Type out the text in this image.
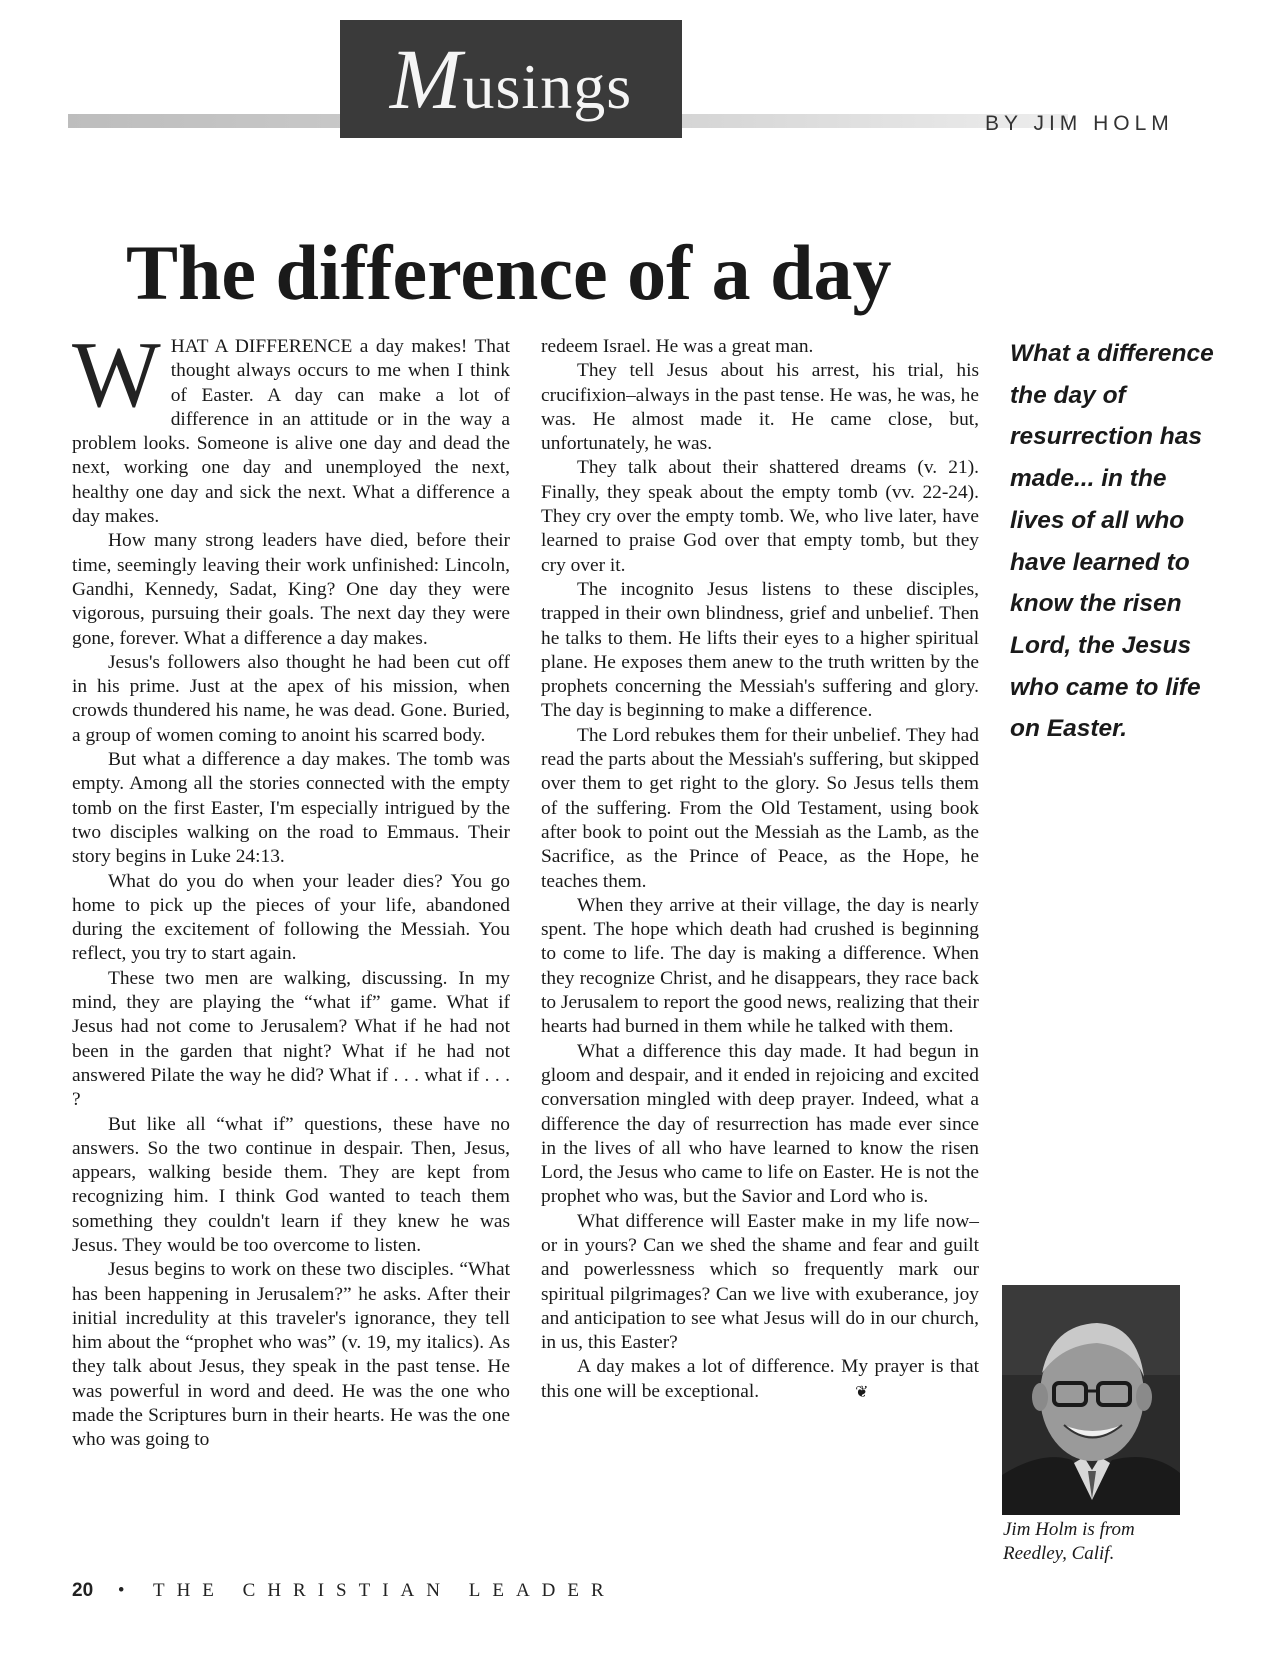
Musings
BY JIM HOLM
The difference of a day

WHAT A DIFFERENCE a day makes! That thought always occurs to me when I think of Easter. A day can make a lot of difference in an attitude or in the way a problem looks. Someone is alive one day and dead the next, working one day and unemployed the next, healthy one day and sick the next. What a difference a day makes.

How many strong leaders have died, before their time, seemingly leaving their work unfinished: Lincoln, Gandhi, Kennedy, Sadat, King? One day they were vigorous, pursuing their goals. The next day they were gone, forever. What a difference a day makes.

Jesus's followers also thought he had been cut off in his prime. Just at the apex of his mission, when crowds thundered his name, he was dead. Gone. Buried, a group of women coming to anoint his scarred body.

But what a difference a day makes. The tomb was empty. Among all the stories connected with the empty tomb on the first Easter, I'm especially intrigued by the two disciples walking on the road to Emmaus. Their story begins in Luke 24:13.

What do you do when your leader dies? You go home to pick up the pieces of your life, abandoned during the excitement of following the Messiah. You reflect, you try to start again.

These two men are walking, discussing. In my mind, they are playing the “what if” game. What if Jesus had not come to Jerusalem? What if he had not been in the garden that night? What if he had not answered Pilate the way he did? What if . . . what if . . . ?

But like all “what if” questions, these have no answers. So the two continue in despair. Then, Jesus, appears, walking beside them. They are kept from recognizing him. I think God wanted to teach them something they couldn't learn if they knew he was Jesus. They would be too overcome to listen.

Jesus begins to work on these two disciples. “What has been happening in Jerusalem?” he asks. After their initial incredulity at this traveler's ignorance, they tell him about the “prophet who was” (v. 19, my italics). As they talk about Jesus, they speak in the past tense. He was powerful in word and deed. He was the one who made the Scriptures burn in their hearts. He was the one who was going to

redeem Israel. He was a great man.

They tell Jesus about his arrest, his trial, his crucifixion–always in the past tense. He was, he was, he was. He almost made it. He came close, but, unfortunately, he was.

They talk about their shattered dreams (v. 21). Finally, they speak about the empty tomb (vv. 22-24). They cry over the empty tomb. We, who live later, have learned to praise God over that empty tomb, but they cry over it.

The incognito Jesus listens to these disciples, trapped in their own blindness, grief and unbelief. Then he talks to them. He lifts their eyes to a higher spiritual plane. He exposes them anew to the truth written by the prophets concerning the Messiah's suffering and glory. The day is beginning to make a difference.

The Lord rebukes them for their unbelief. They had read the parts about the Messiah's suffering, but skipped over them to get right to the glory. So Jesus tells them of the suffering. From the Old Testament, using book after book to point out the Messiah as the Lamb, as the Sacrifice, as the Prince of Peace, as the Hope, he teaches them.

When they arrive at their village, the day is nearly spent. The hope which death had crushed is beginning to come to life. The day is making a difference. When they recognize Christ, and he disappears, they race back to Jerusalem to report the good news, realizing that their hearts had burned in them while he talked with them.

What a difference this day made. It had begun in gloom and despair, and it ended in rejoicing and excited conversation mingled with deep prayer. Indeed, what a difference the day of resurrection has made ever since in the lives of all who have learned to know the risen Lord, the Jesus who came to life on Easter. He is not the prophet who was, but the Savior and Lord who is.

What difference will Easter make in my life now–or in yours? Can we shed the shame and fear and guilt and powerlessness which so frequently mark our spiritual pilgrimages? Can we live with exuberance, joy and anticipation to see what Jesus will do in our church, in us, this Easter?

A day makes a lot of difference. My prayer is that this one will be exceptional.	❦

What a difference the day of resurrection has made... in the lives of all who have learned to know the risen Lord, the Jesus who came to life on Easter.
Jim Holm is from Reedley, Calif.
20 • THE CHRISTIAN LEADER
